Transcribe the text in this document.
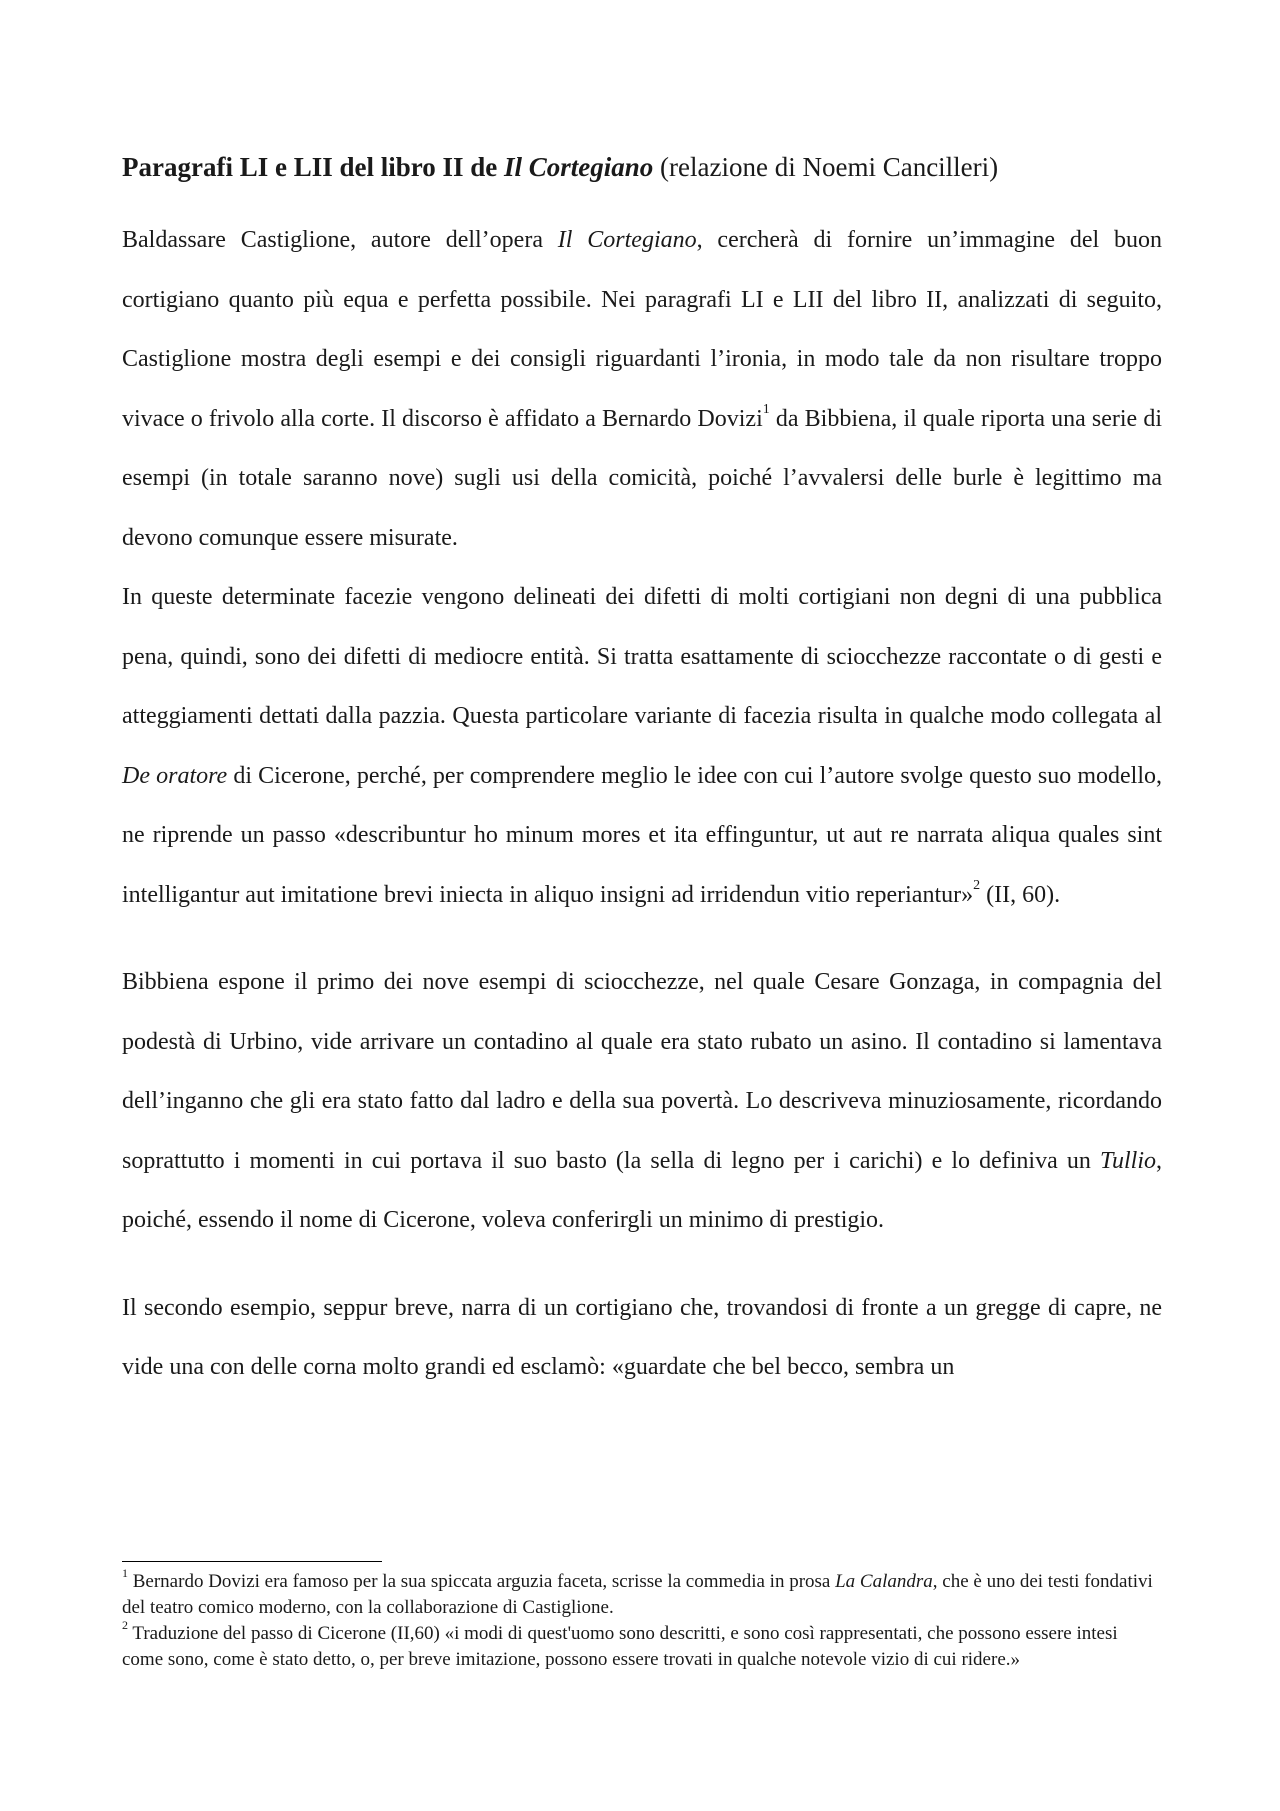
Paragrafi LI e LII del libro II de Il Cortegiano (relazione di Noemi Cancilleri)

Baldassare Castiglione, autore dell’opera Il Cortegiano, cercherà di fornire un’immagine del buon cortigiano quanto più equa e perfetta possibile. Nei paragrafi LI e LII del libro II, analizzati di seguito, Castiglione mostra degli esempi e dei consigli riguardanti l’ironia, in modo tale da non risultare troppo vivace o frivolo alla corte. Il discorso è affidato a Bernardo Dovizi$^1$ da Bibbiena, il quale riporta una serie di esempi (in totale saranno nove) sugli usi della comicità, poiché l’avvalersi delle burle è legittimo ma devono comunque essere misurate.

In queste determinate facezie vengono delineati dei difetti di molti cortigiani non degni di una pubblica pena, quindi, sono dei difetti di mediocre entità. Si tratta esattamente di sciocchezze raccontate o di gesti e atteggiamenti dettati dalla pazzia. Questa particolare variante di facezia risulta in qualche modo collegata al De oratore di Cicerone, perché, per comprendere meglio le idee con cui l’autore svolge questo suo modello, ne riprende un passo «describuntur ho minum mores et ita effinguntur, ut aut re narrata aliqua quales sint intelligantur aut imitatione brevi iniecta in aliquo insigni ad irridendun vitio reperiantur»$^2$ (II, 60).

Bibbiena espone il primo dei nove esempi di sciocchezze, nel quale Cesare Gonzaga, in compagnia del podestà di Urbino, vide arrivare un contadino al quale era stato rubato un asino. Il contadino si lamentava dell’inganno che gli era stato fatto dal ladro e della sua povertà. Lo descriveva minuziosamente, ricordando soprattutto i momenti in cui portava il suo basto (la sella di legno per i carichi) e lo definiva un Tullio, poiché, essendo il nome di Cicerone, voleva conferirgli un minimo di prestigio.

Il secondo esempio, seppur breve, narra di un cortigiano che, trovandosi di fronte a un gregge di capre, ne vide una con delle corna molto grandi ed esclamò: «guardate che bel becco, sembra un

$^1$ Bernardo Dovizi era famoso per la sua spiccata arguzia faceta, scrisse la commedia in prosa La Calandra, che è uno dei testi fondativi del teatro comico moderno, con la collaborazione di Castiglione.

$^2$ Traduzione del passo di Cicerone (II,60) «i modi di quest'uomo sono descritti, e sono così rappresentati, che possono essere intesi come sono, come è stato detto, o, per breve imitazione, possono essere trovati in qualche notevole vizio di cui ridere.»
